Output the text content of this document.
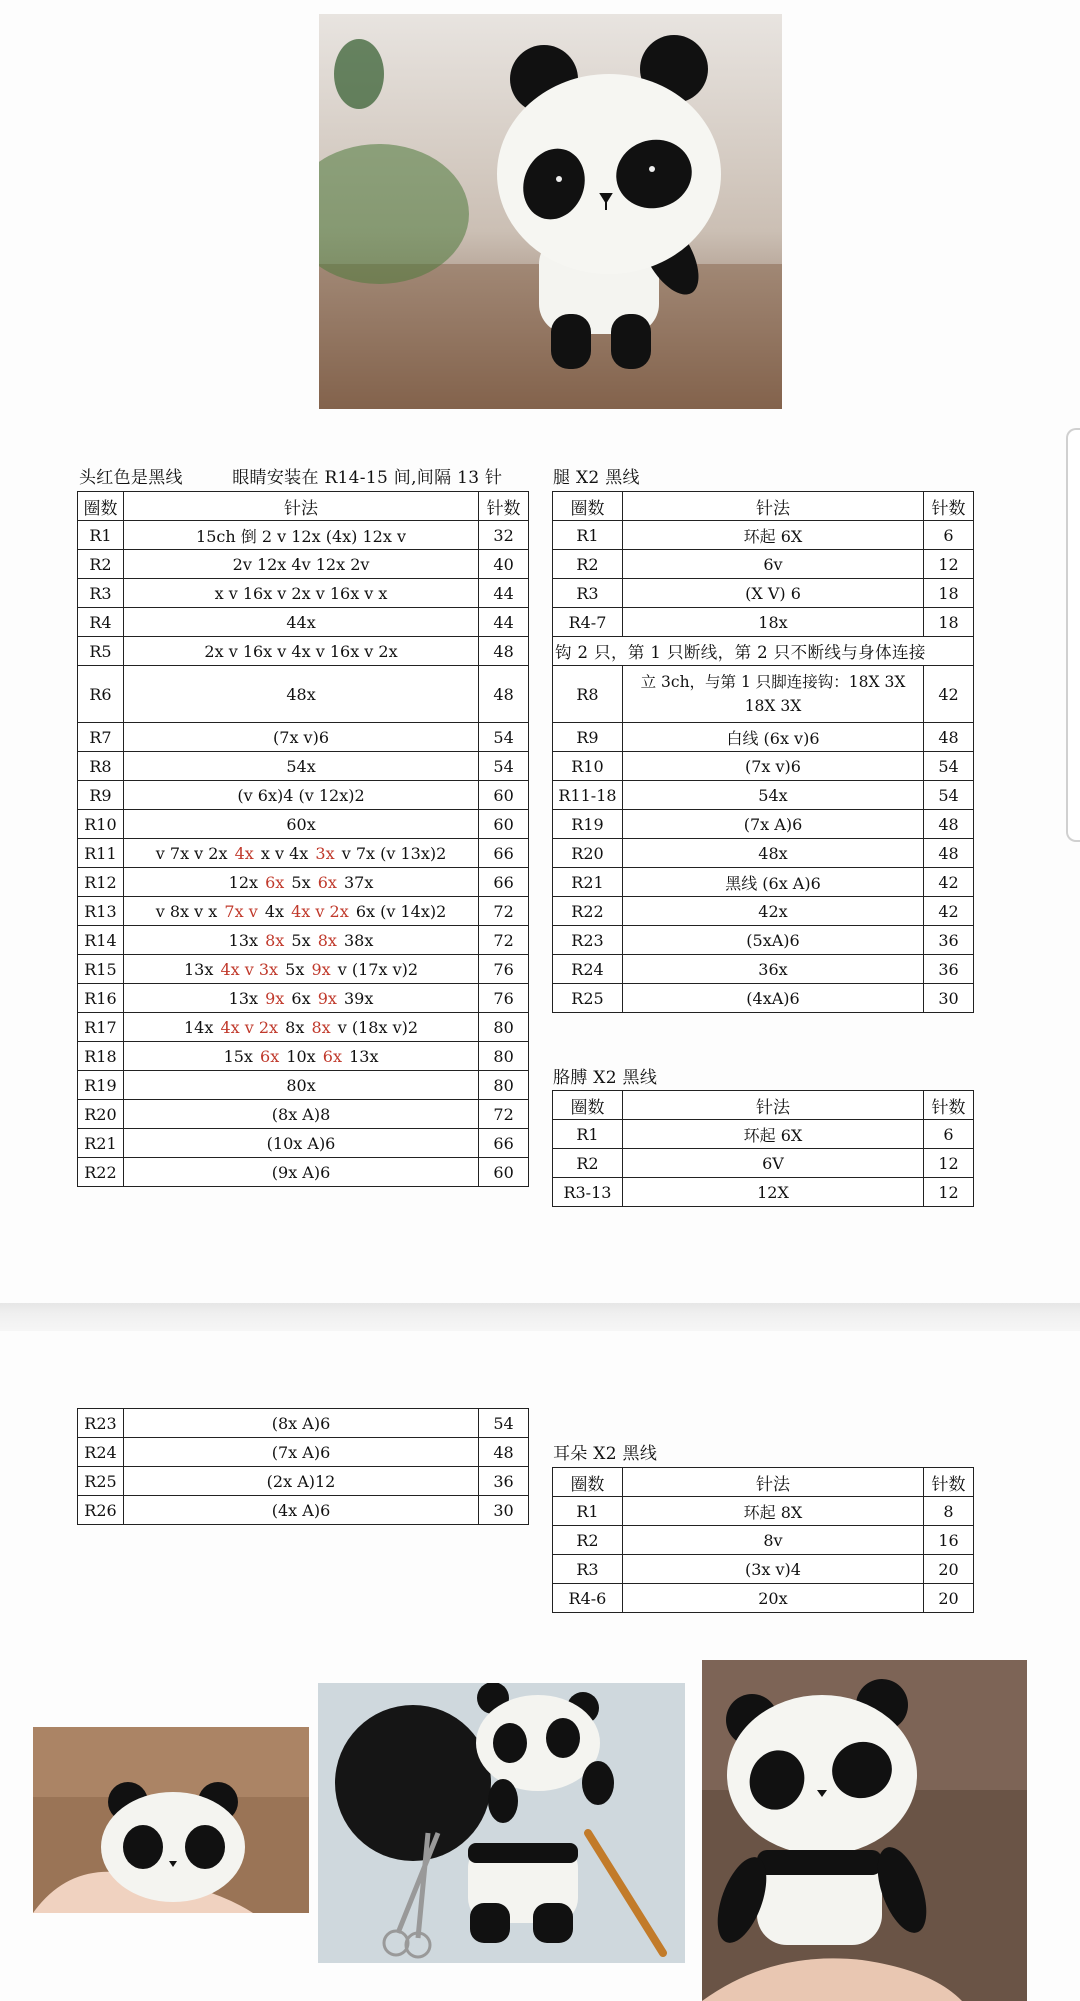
头红色是黑线	眼睛安装在 R14-15 间,间隔 13 针
圈数	针法	针数
R1	15ch 倒 2 v 12x (4x) 12x v	32
R2	2v 12x 4v 12x 2v	40
R3	x v 16x v 2x v 16x v x	44
R4	44x	44
R5	2x v 16x v 4x v 16x v 2x	48
R6	48x	48
R7	(7x v)6	54
R8	54x	54
R9	(v 6x)4 (v 12x)2	60
R10	60x	60
R11	v 7x v 2x 4x x v 4x 3x v 7x (v 13x)2	66
R12	12x 6x 5x 6x 37x	66
R13	v 8x v x 7x v 4x 4x v 2x 6x (v 14x)2	72
R14	13x 8x 5x 8x 38x	72
R15	13x 4x v 3x 5x 9x v (17x v)2	76
R16	13x 9x 6x 9x 39x	76
R17	14x 4x v 2x 8x 8x v (18x v)2	80
R18	15x 6x 10x 6x 13x	80
R19	80x	80
R20	(8x A)8	72
R21	(10x A)6	66
R22	(9x A)6	60
腿 X2 黑线
圈数	针法	针数
R1	环起 6X	6
R2	6v	12
R3	(X V) 6	18
R4-7	18x	18
钩 2 只，第 1 只断线，第 2 只不断线与身体连接		
R8	立 3ch，与第 1 只脚连接钩：18X 3X 18X 3X	42
R9	白线 (6x v)6	48
R10	(7x v)6	54
R11-18	54x	54
R19	(7x A)6	48
R20	48x	48
R21	黑线 (6x A)6	42
R22	42x	42
R23	(5xA)6	36
R24	36x	36
R25	(4xA)6	30
胳膊 X2 黑线
圈数	针法	针数
R1	环起 6X	6
R2	6V	12
R3-13	12X	12
R23	(8x A)6	54
R24	(7x A)6	48
R25	(2x A)12	36
R26	(4x A)6	30
耳朵 X2 黑线
圈数	针法	针数
R1	环起 8X	8
R2	8v	16
R3	(3x v)4	20
R4-6	20x	20
